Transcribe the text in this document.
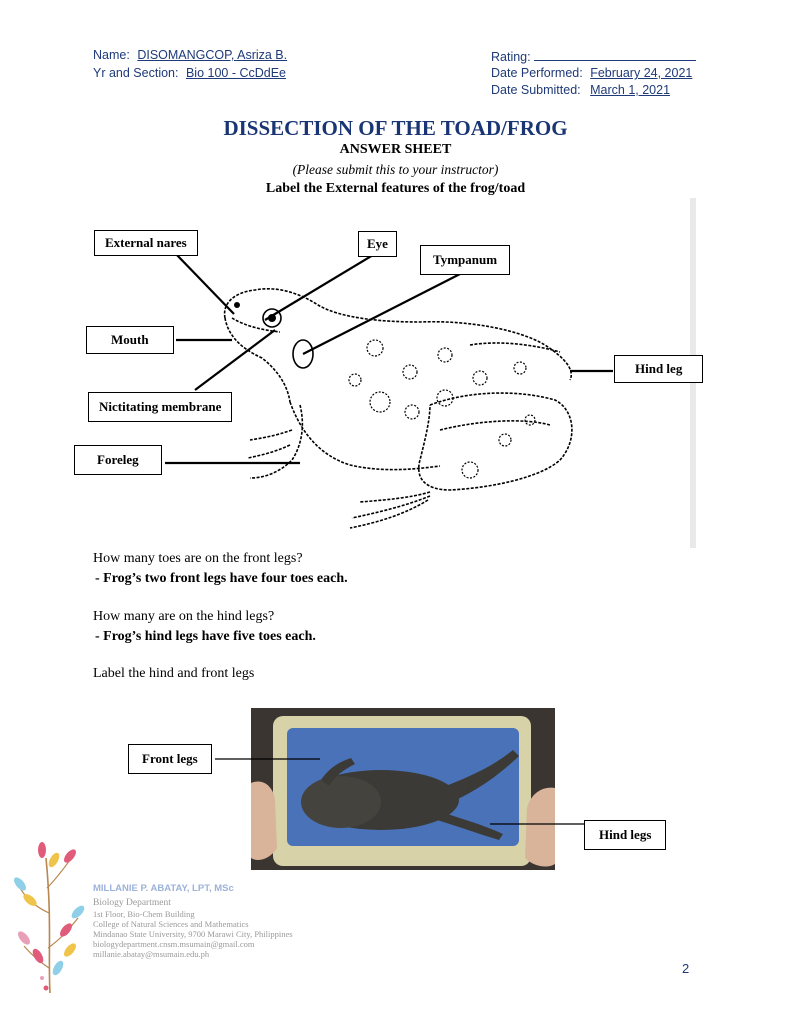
Name: DISOMANGCOP, Asriza B.
Yr and Section: Bio 100 - CcDdEe
Rating:
Date Performed: February 24, 2021
Date Submitted: March 1, 2021
DISSECTION OF THE TOAD/FROG
ANSWER SHEET
(Please submit this to your instructor)
Label the External features of the frog/toad
External nares	Eye
Tympanum
Mouth
Hind leg
Nictitating membrane
Foreleg
How many toes are on the front legs?
- Frog’s two front legs have four toes each.
How many are on the hind legs?
- Frog’s hind legs have five toes each.
Label the hind and front legs
Front legs
Hind legs
MILLANIE P. ABATAY, LPT, MSc
Biology Department
1st Floor, Bio-Chem Building
College of Natural Sciences and Mathematics
Mindanao State University, 9700 Marawi City, Philippines
biologydepartment.cnsm.msumain@gmail.com
millanie.abatay@msumain.edu.ph
2
